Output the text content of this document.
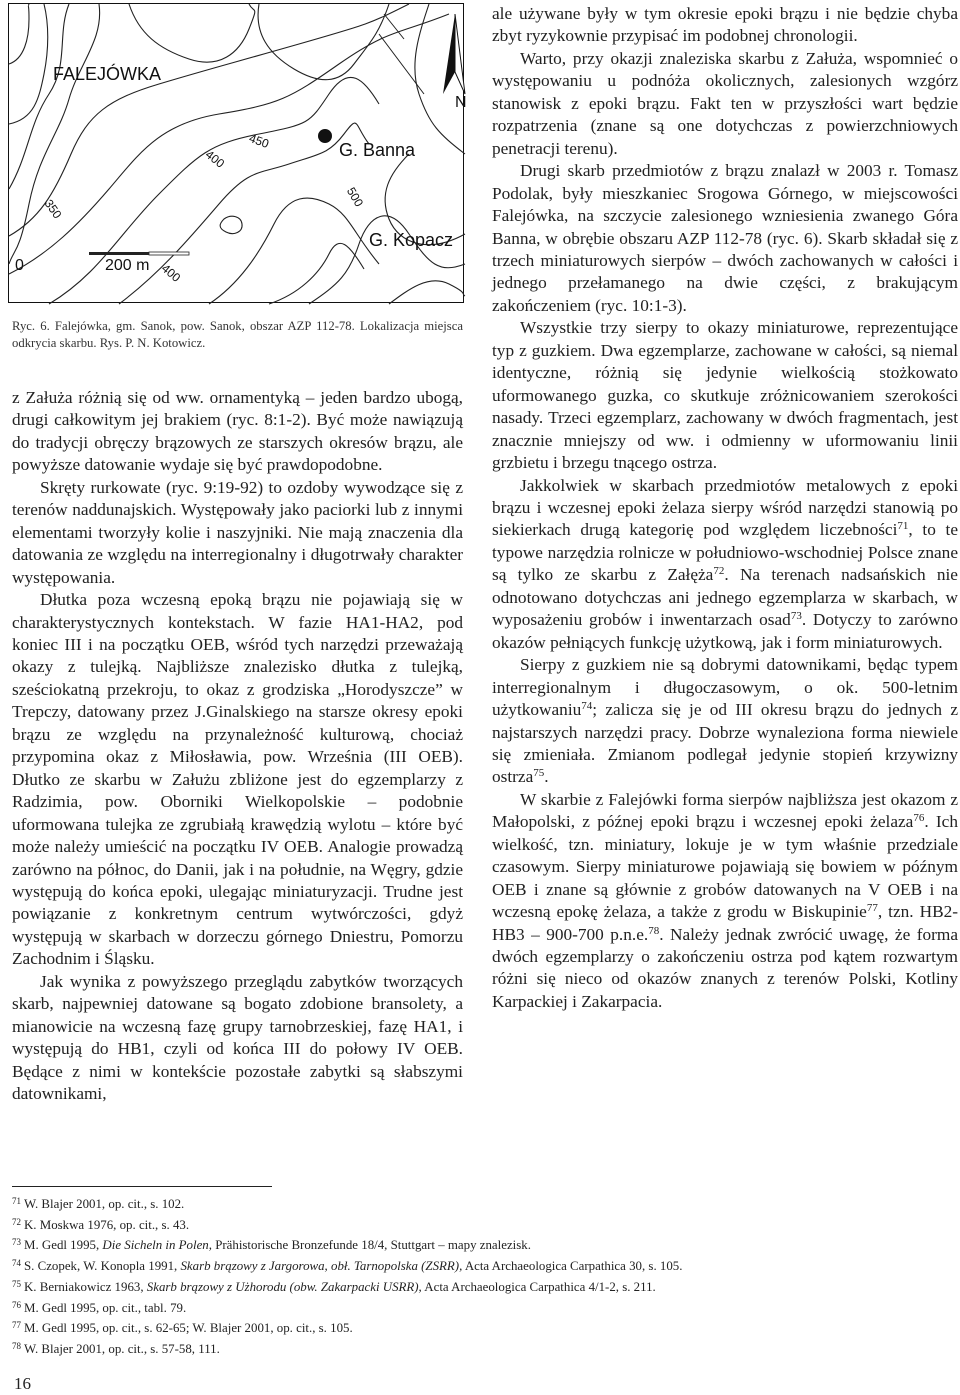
FALEJÓWKA
N
G. Banna
G. Kopacz
0	200 m
350
400
450
500
400

Ryc. 6. Falejówka, gm. Sanok, pow. Sanok, obszar AZP 112-78. Lokalizacja miejsca odkrycia skarbu. Rys. P. N. Kotowicz.

z Załuża różnią się od ww. ornamentyką – jeden bardzo ubogą, drugi całkowitym jej brakiem (ryc. 8:1-2). Być może nawiązują do tradycji obręczy brązowych ze starszych okresów brązu, ale powyższe datowanie wydaje się być prawdopodobne.

Skręty rurkowate (ryc. 9:19-92) to ozdoby wywodzące się z terenów naddunajskich. Występowały jako paciorki lub z innymi elementami tworzyły kolie i naszyjniki. Nie mają znaczenia dla datowania ze względu na interregionalny i długotrwały charakter występowania.

Dłutka poza wczesną epoką brązu nie pojawiają się w charakterystycznych kontekstach. W fazie HA1-HA2, pod koniec III i na początku OEB, wśród tych narzędzi przeważają okazy z tulejką. Najbliższe znalezisko dłutka z tulejką, sześciokatną przekroju, to okaz z grodziska „Horodyszcze” w Trepczy, datowany przez J.Ginalskiego na starsze okresy epoki brązu ze względu na przynależność kulturową, chociaż przypomina okaz z Miłosławia, pow. Września (III OEB). Dłutko ze skarbu w Załużu zbliżone jest do egzemplarzy z Radzimia, pow. Oborniki Wielkopolskie – podobnie uformowana tulejka ze zgrubiałą krawędzią wylotu – które być może należy umieścić na początku IV OEB. Analogie prowadzą zarówno na północ, do Danii, jak i na południe, na Węgry, gdzie występują do końca epoki, ulegając miniaturyzacji. Trudne jest powiązanie z konkretnym centrum wytwórczości, gdyż występują w skarbach w dorzeczu górnego Dniestru, Pomorzu Zachodnim i Śląsku.

Jak wynika z powyższego przeglądu zabytków tworzących skarb, najpewniej datowane są bogato zdobione bransolety, a mianowicie na wczesną fazę grupy tarnobrzeskiej, fazę HA1, i występują do HB1, czyli od końca III do połowy IV OEB. Będące z nimi w kontekście pozostałe zabytki są słabszymi datownikami,

ale używane były w tym okresie epoki brązu i nie będzie chyba zbyt ryzykownie przypisać im podobnej chronologii.

Warto, przy okazji znaleziska skarbu z Załuża, wspomnieć o występowaniu u podnóża okolicznych, zalesionych wzgórz stanowisk z epoki brązu. Fakt ten w przyszłości wart będzie rozpatrzenia (znane są one dotychczas z powierzchniowych penetracji terenu).

Drugi skarb przedmiotów z brązu znalazł w 2003 r. Tomasz Podolak, były mieszkaniec Srogowa Górnego, w miejscowości Falejówka, na szczycie zalesionego wzniesienia zwanego Góra Banna, w obrębie obszaru AZP 112-78 (ryc. 6). Skarb składał się z trzech miniaturowych sierpów – dwóch zachowanych w całości i jednego przełamanego na dwie części, z brakującym zakończeniem (ryc. 10:1-3).

Wszystkie trzy sierpy to okazy miniaturowe, reprezentujące typ z guzkiem. Dwa egzemplarze, zachowane w całości, są niemal identyczne, różnią się jedynie wielkością stożkowato uformowanego guzka, co skutkuje zróżnicowaniem szerokości nasady. Trzeci egzemplarz, zachowany w dwóch fragmentach, jest znacznie mniejszy od ww. i odmienny w uformowaniu linii grzbietu i brzegu tnącego ostrza.

Jakkolwiek w skarbach przedmiotów metalowych z epoki brązu i wczesnej epoki żelaza sierpy wśród narzędzi stanowią po siekierkach drugą kategorię pod względem liczebności$^{71}$, to te typowe narzędzia rolnicze w południowo-wschodniej Polsce znane są tylko ze skarbu z Załęża$^{72}$. Na terenach nadsańskich nie odnotowano dotychczas ani jednego egzemplarza w skarbach, w wyposażeniu grobów i inwentarzach osad$^{73}$. Dotyczy to zarówno okazów pełniących funkcję użytkową, jak i form miniaturowych.

Sierpy z guzkiem nie są dobrymi datownikami, będąc typem interregionalnym i długoczasowym, o ok. 500-letnim użytkowaniu$^{74}$; zalicza się je od III okresu brązu do jednych z najstarszych narzędzi pracy. Dobrze wynaleziona forma niewiele się zmieniała. Zmianom podlegał jedynie stopień krzywizny ostrza$^{75}$.

W skarbie z Falejówki forma sierpów najbliższa jest okazom z Małopolski, z późnej epoki brązu i wczesnej epoki żelaza$^{76}$. Ich wielkość, tzn. miniatury, lokuje je w tym właśnie przedziale czasowym. Sierpy miniaturowe pojawiają się bowiem w późnym OEB i znane są głównie z grobów datowanych na V OEB i na wczesną epokę żelaza, a także z grodu w Biskupinie$^{77}$, tzn. HB2-HB3 – 900-700 p.n.e.$^{78}$. Należy jednak zwrócić uwagę, że forma dwóch egzemplarzy o zakończeniu ostrza pod kątem rozwartym różni się nieco od okazów znanych z terenów Polski, Kotliny Karpackiej i Zakarpacia.

$^{71}$ W. Blajer 2001, op. cit., s. 102.
$^{72}$ K. Moskwa 1976, op. cit., s. 43.
$^{73}$ M. Gedl 1995, Die Sicheln in Polen, Prähistorische Bronzefunde 18/4, Stuttgart – mapy znalezisk.
$^{74}$ S. Czopek, W. Konopla 1991, Skarb brązowy z Jargorowa, obł. Tarnopolska (ZSRR), Acta Archaeologica Carpathica 30, s. 105.
$^{75}$ K. Berniakowicz 1963, Skarb brązowy z Użhorodu (obw. Zakarpacki USRR), Acta Archaeologica Carpathica 4/1-2, s. 211.
$^{76}$ M. Gedl 1995, op. cit., tabl. 79.
$^{77}$ M. Gedl 1995, op. cit., s. 62-65; W. Blajer 2001, op. cit., s. 105.
$^{78}$ W. Blajer 2001, op. cit., s. 57-58, 111.
16
